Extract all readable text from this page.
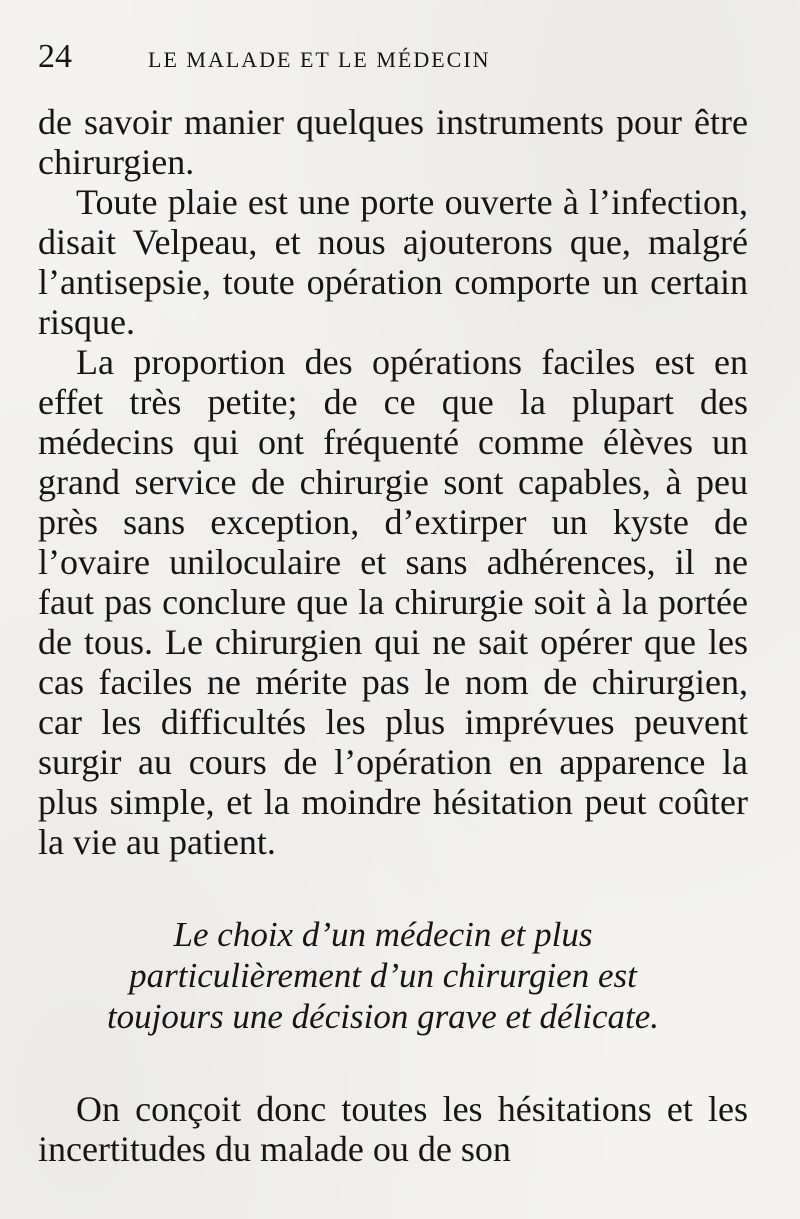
24	LE MALADE ET LE MÉDECIN

de savoir manier quelques instruments pour être chirurgien.

Toute plaie est une porte ouverte à l’infection, disait Velpeau, et nous ajouterons que, malgré l’antisepsie, toute opération comporte un certain risque.

La proportion des opérations faciles est en effet très petite; de ce que la plupart des médecins qui ont fréquenté comme élèves un grand service de chirurgie sont capables, à peu près sans exception, d’extirper un kyste de l’ovaire uniloculaire et sans adhérences, il ne faut pas conclure que la chirurgie soit à la portée de tous. Le chirurgien qui ne sait opérer que les cas faciles ne mérite pas le nom de chirurgien, car les difficultés les plus imprévues peuvent surgir au cours de l’opération en apparence la plus simple, et la moindre hésitation peut coûter la vie au patient.

Le choix d’un médecin et plus particulièrement d’un chirurgien est toujours une décision grave et délicate.

On conçoit donc toutes les hésitations et les incertitudes du malade ou de son
